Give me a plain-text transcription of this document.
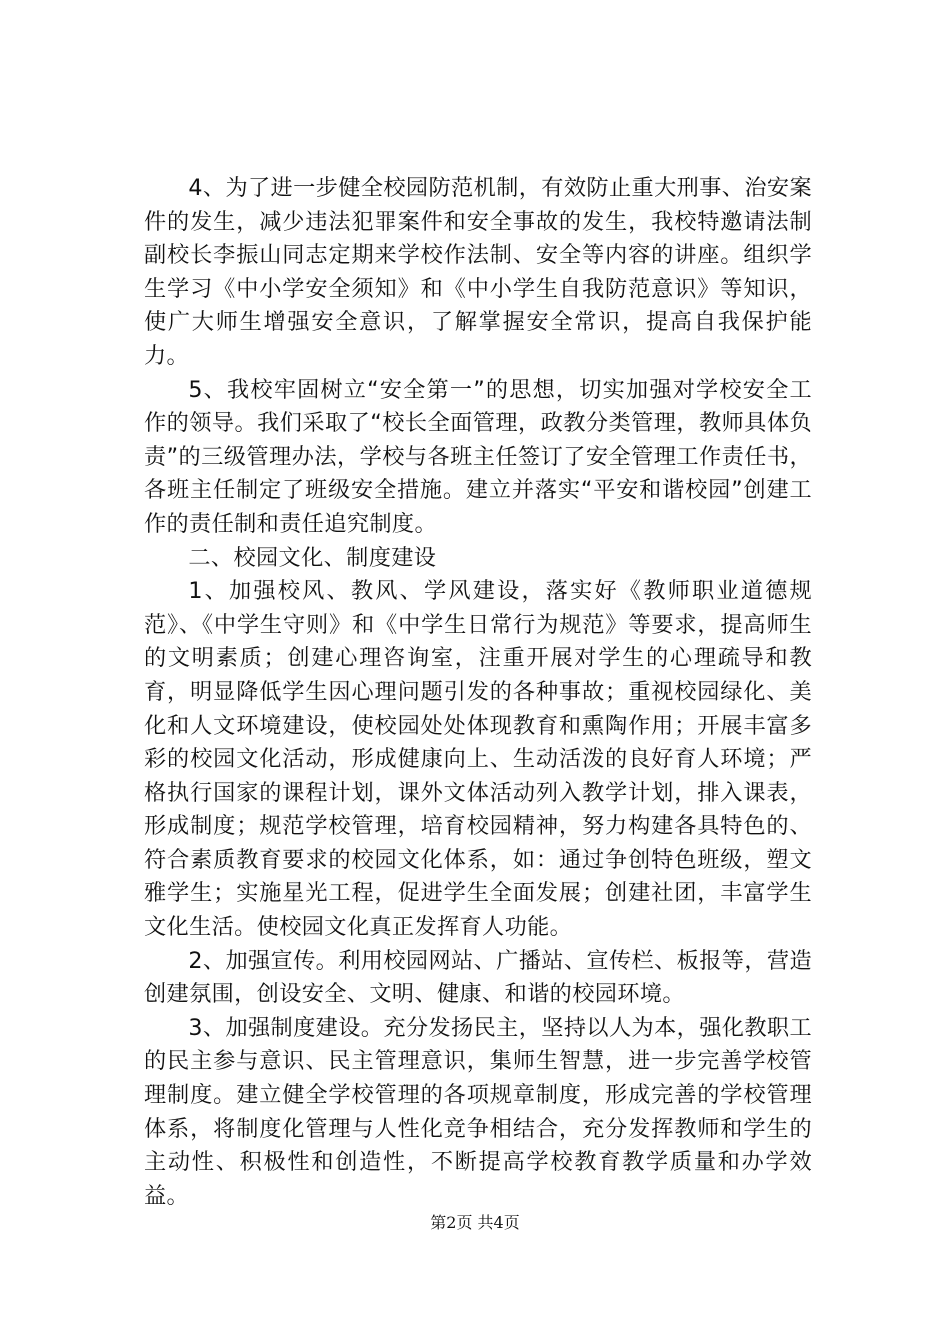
4、为了进一步健全校园防范机制，有效防止重大刑事、治安案件的发生，减少违法犯罪案件和安全事故的发生，我校特邀请法制副校长李振山同志定期来学校作法制、安全等内容的讲座。组织学生学习《中小学安全须知》和《中小学生自我防范意识》等知识，使广大师生增强安全意识，了解掌握安全常识，提高自我保护能力。

5、我校牢固树立“安全第一”的思想，切实加强对学校安全工作的领导。我们采取了“校长全面管理，政教分类管理，教师具体负责”的三级管理办法，学校与各班主任签订了安全管理工作责任书，各班主任制定了班级安全措施。建立并落实“平安和谐校园”创建工作的责任制和责任追究制度。

二、校园文化、制度建设

1、加强校风、教风、学风建设，落实好《教师职业道德规范》、《中学生守则》和《中学生日常行为规范》等要求，提高师生的文明素质；创建心理咨询室，注重开展对学生的心理疏导和教育，明显降低学生因心理问题引发的各种事故；重视校园绿化、美化和人文环境建设，使校园处处体现教育和熏陶作用；开展丰富多彩的校园文化活动，形成健康向上、生动活泼的良好育人环境；严格执行国家的课程计划，课外文体活动列入教学计划，排入课表，形成制度；规范学校管理，培育校园精神，努力构建各具特色的、符合素质教育要求的校园文化体系，如：通过争创特色班级，塑文雅学生；实施星光工程，促进学生全面发展；创建社团，丰富学生文化生活。使校园文化真正发挥育人功能。

2、加强宣传。利用校园网站、广播站、宣传栏、板报等，营造创建氛围，创设安全、文明、健康、和谐的校园环境。

3、加强制度建设。充分发扬民主，坚持以人为本，强化教职工的民主参与意识、民主管理意识，集师生智慧，进一步完善学校管理制度。建立健全学校管理的各项规章制度，形成完善的学校管理体系，将制度化管理与人性化竞争相结合，充分发挥教师和学生的主动性、积极性和创造性，不断提高学校教育教学质量和办学效益。

第2页 共4页
